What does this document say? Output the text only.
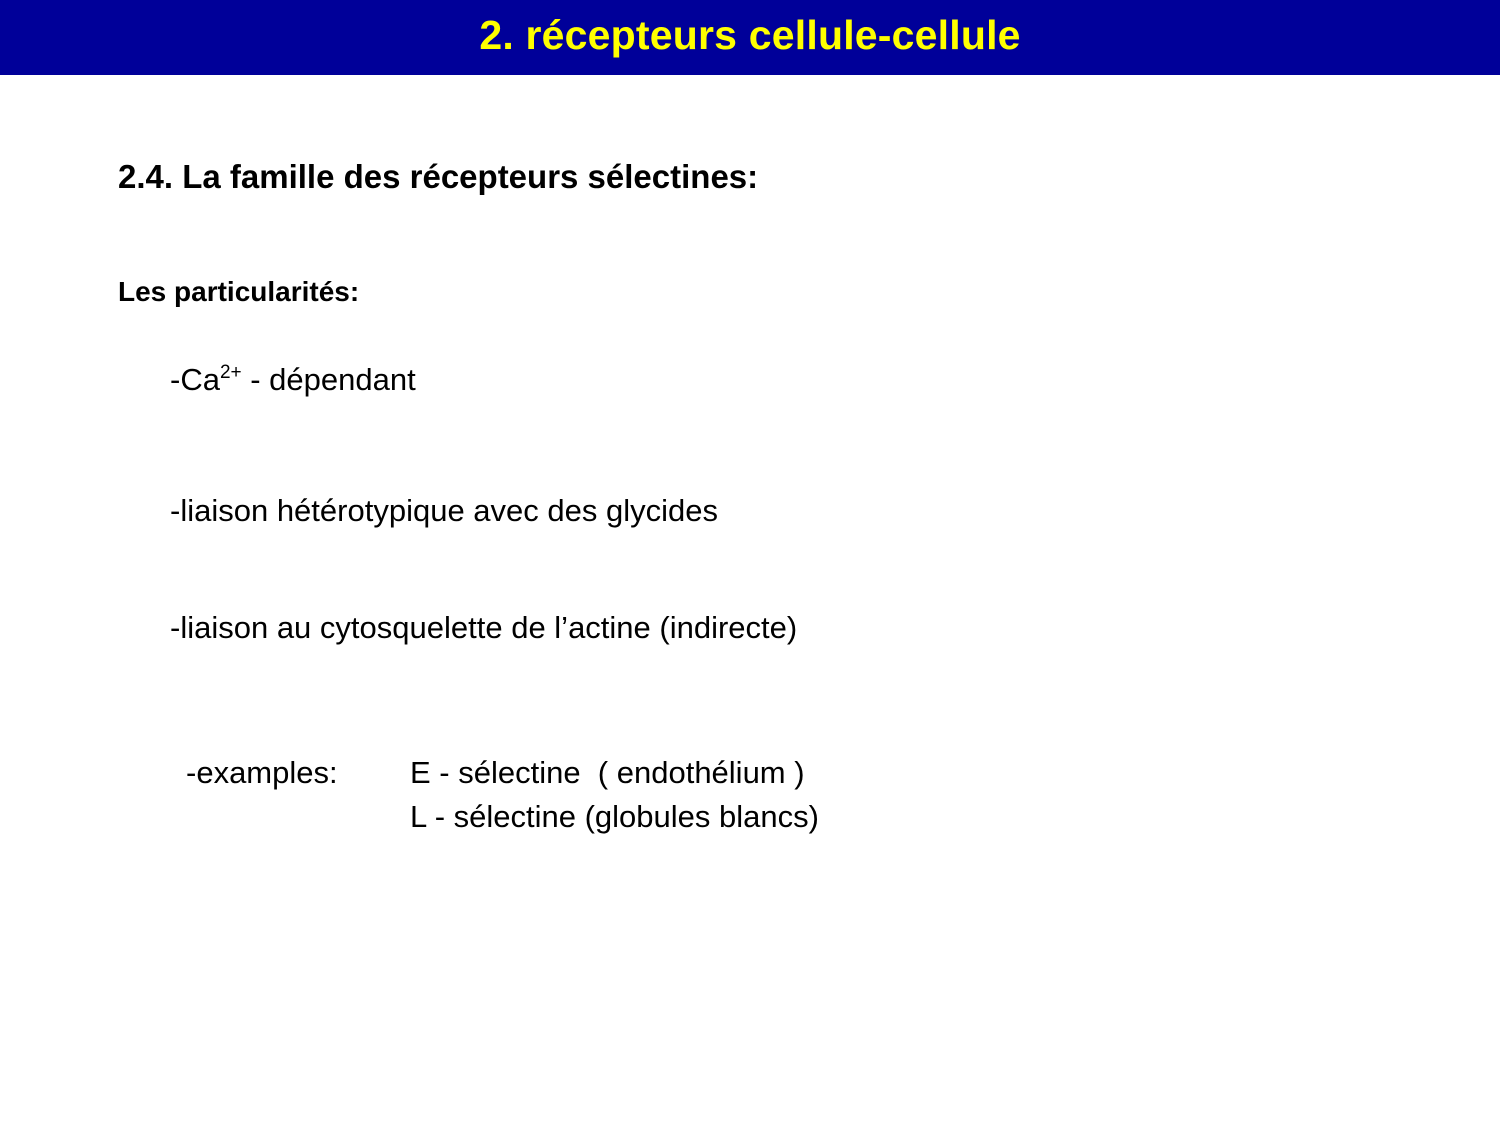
2. récepteurs cellule-cellule
2.4. La famille des récepteurs sélectines:
Les particularités:
$-Ca^{2+}$ - dépendant
-liaison hétérotypique avec des glycides
-liaison au cytosquelette de l’actine (indirecte)
-examples: E - sélectine  ( endothélium )
L - sélectine (globules blancs)
